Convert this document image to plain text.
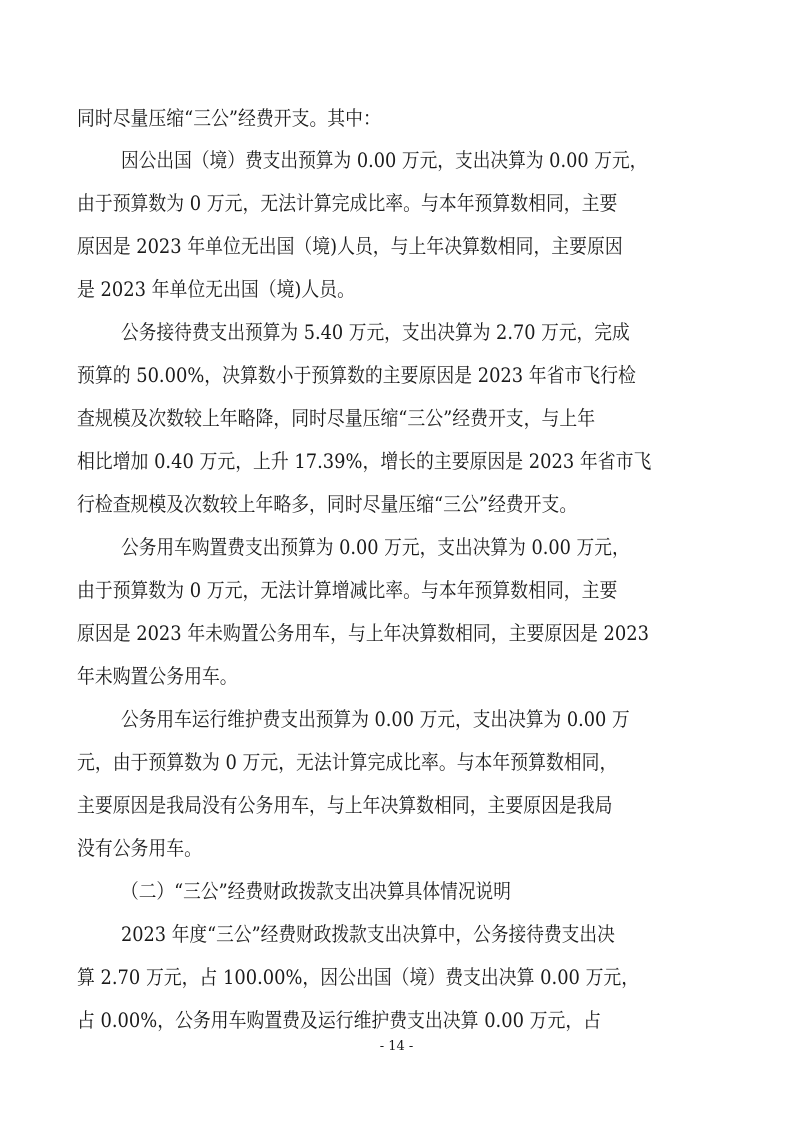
同时尽量压缩“三公”经费开支。其中：

因公出国（境）费支出预算为 0.00 万元，支出决算为 0.00 万元，

由于预算数为 0 万元，无法计算完成比率。与本年预算数相同，主要

原因是 2023 年单位无出国（境)人员，与上年决算数相同，主要原因

是 2023 年单位无出国（境)人员。

公务接待费支出预算为 5.40 万元，支出决算为 2.70 万元，完成

预算的 50.00%，决算数小于预算数的主要原因是 2023 年省市飞行检

查规模及次数较上年略降，同时尽量压缩“三公”经费开支，与上年

相比增加 0.40 万元，上升 17.39%，增长的主要原因是 2023 年省市飞

行检查规模及次数较上年略多，同时尽量压缩“三公”经费开支。

公务用车购置费支出预算为 0.00 万元，支出决算为 0.00 万元，

由于预算数为 0 万元，无法计算增减比率。与本年预算数相同，主要

原因是 2023 年未购置公务用车，与上年决算数相同，主要原因是 2023

年未购置公务用车。

公务用车运行维护费支出预算为 0.00 万元，支出决算为 0.00 万

元，由于预算数为 0 万元，无法计算完成比率。与本年预算数相同，

主要原因是我局没有公务用车，与上年决算数相同，主要原因是我局

没有公务用车。

（二）“三公”经费财政拨款支出决算具体情况说明

2023 年度“三公”经费财政拨款支出决算中，公务接待费支出决

算 2.70 万元，占 100.00%，因公出国（境）费支出决算 0.00 万元，

占 0.00%，公务用车购置费及运行维护费支出决算 0.00 万元，占

- 14 -
